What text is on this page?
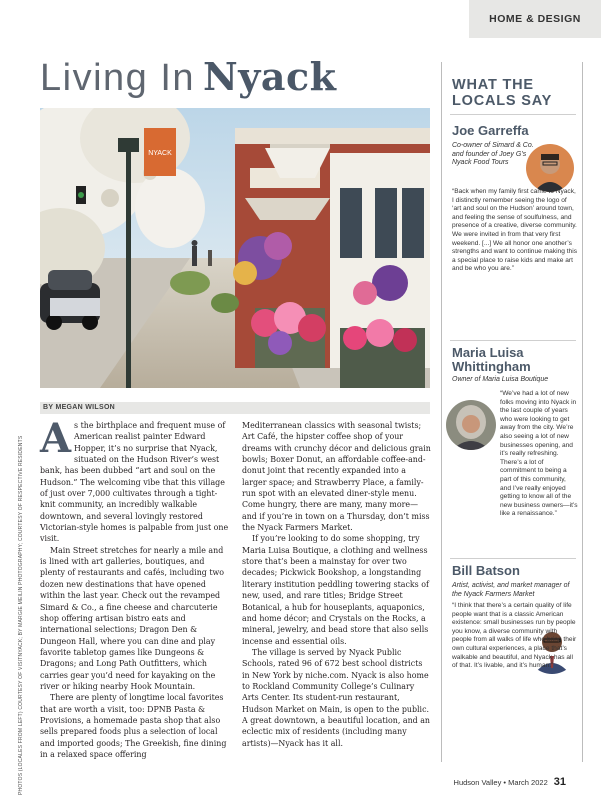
HOME & DESIGN
Living In Nyack
NYACK
PHOTOS (LOCALES FROM LEFT) COURTESY OF VISITNYACK; BY MARGIE MEILIN PHOTOGRAPHY; COURTESY OF RESPECTIVE RESIDENTS
BY MEGAN WILSON

As the birthplace and frequent muse of American realist painter Edward Hopper, it’s no surprise that Nyack, situated on the Hudson River’s west bank, has been dubbed “art and soul on the Hudson.” The welcoming vibe that this village of just over 7,000 cultivates through a tight-knit community, an incredibly walkable downtown, and several lovingly restored Victorian-style homes is palpable from just one visit.

Main Street stretches for nearly a mile and is lined with art galleries, boutiques, and plenty of restaurants and cafés, including two dozen new destinations that have opened within the last year. Check out the revamped Simard & Co., a fine cheese and charcuterie shop offering artisan bistro eats and international selections; Dragon Den & Dungeon Hall, where you can dine and play favorite tabletop games like Dungeons & Dragons; and Long Path Outfitters, which carries gear you’d need for kayaking on the river or hiking nearby Hook Mountain.

There are plenty of longtime local favorites that are worth a visit, too: DPNB Pasta & Provisions, a homemade pasta shop that also sells prepared foods plus a selection of local and imported goods; The Greekish, fine dining in a relaxed space offering

Mediterranean classics with seasonal twists; Art Café, the hipster coffee shop of your dreams with crunchy décor and delicious grain bowls; Boxer Donut, an affordable coffee-and-donut joint that recently expanded into a larger space; and Strawberry Place, a family-run spot with an elevated diner-style menu. Come hungry, there are many, many more—and if you’re in town on a Thursday, don’t miss the Nyack Farmers Market.

If you’re looking to do some shopping, try Maria Luisa Boutique, a clothing and wellness store that’s been a mainstay for over two decades; Pickwick Bookshop, a longstanding literary institution peddling towering stacks of new, used, and rare titles; Bridge Street Botanical, a hub for houseplants, aquaponics, and home décor; and Crystals on the Rocks, a mineral, jewelry, and bead store that also sells incense and essential oils.

The village is served by Nyack Public Schools, rated 96 of 672 best school districts in New York by niche.com. Nyack is also home to Rockland Community College’s Culinary Arts Center. Its student-run restaurant, Hudson Market on Main, is open to the public. A great downtown, a beautiful location, and an eclectic mix of residents (including many artists)—Nyack has it all.

WHAT THE LOCALS SAY
Joe Garreffa
Co-owner of Simard & Co. and founder of Joey G’s Nyack Food Tours
“Back when my family first came to Nyack, I distinctly remember seeing the logo of ‘art and soul on the Hudson’ around town, and feeling the sense of soulfulness, and presence of a creative, diverse community. We were invited in from that very first weekend. [...] We all honor one another’s strengths and want to continue making this a special place to raise kids and make art and be who you are.”
Maria Luisa
Whittingham
Owner of Maria Luisa Boutique
“We’ve had a lot of new folks moving into Nyack in the last couple of years who were looking to get away from the city. We’re also seeing a lot of new businesses opening, and it’s really refreshing. There’s a lot of commitment to being a part of this community, and I’ve really enjoyed getting to know all of the new business owners—it’s like a renaissance.”
Bill Batson
Artist, activist, and market manager of the Nyack Farmers Market
“I think that there’s a certain quality of life people want that is a classic American existence: small businesses run by people you know, a diverse community with people from all walks of life who bring their own cultural experiences, a place that’s walkable and beautiful, and Nyack has all of that. It’s livable, and it’s human.”
Hudson Valley • March 2022 31
